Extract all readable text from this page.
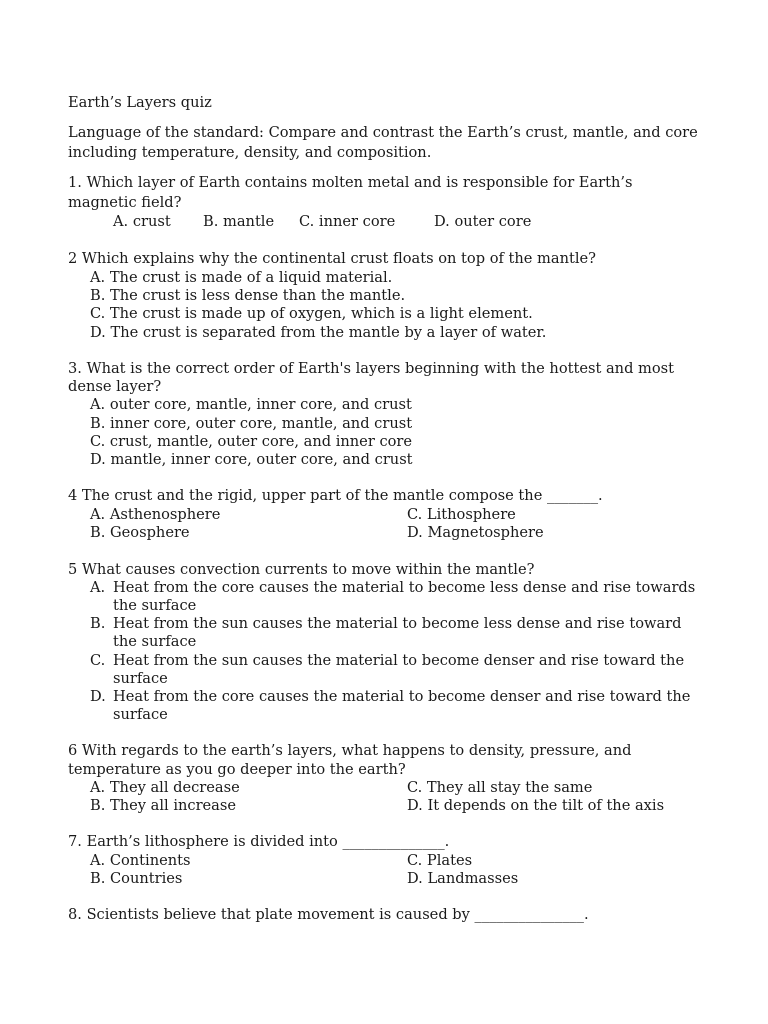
Earth’s Layers quiz
Language of the standard: Compare and contrast the Earth’s crust, mantle, and core
including temperature, density, and composition.
1. Which layer of Earth contains molten metal and is responsible for Earth’s
magnetic field?
A. crust B. mantle C. inner core	D. outer core
2 Which explains why the continental crust floats on top of the mantle?
A. The crust is made of a liquid material.
B. The crust is less dense than the mantle.
C. The crust is made up of oxygen, which is a light element.
D. The crust is separated from the mantle by a layer of water.
3. What is the correct order of Earth's layers beginning with the hottest and most
dense layer?
A. outer core, mantle, inner core, and crust
B. inner core, outer core, mantle, and crust
C. crust, mantle, outer core, and inner core
D. mantle, inner core, outer core, and crust
4 The crust and the rigid, upper part of the mantle compose the _______.
A. Asthenosphere
B. Geosphere
C. Lithosphere
D. Magnetosphere
5 What causes convection currents to move within the mantle?
A. Heat from the core causes the material to become less dense and rise towards
the surface
B. Heat from the sun causes the material to become less dense and rise toward
the surface
C. Heat from the sun causes the material to become denser and rise toward the
surface
D. Heat from the core causes the material to become denser and rise toward the
surface
6 With regards to the earth’s layers, what happens to density, pressure, and
temperature as you go deeper into the earth?
A. They all decrease
B. They all increase
C. They all stay the same
D. It depends on the tilt of the axis
7. Earth’s lithosphere is divided into ______________.
A. Continents
B. Countries
C. Plates
D. Landmasses
8. Scientists believe that plate movement is caused by _______________.
